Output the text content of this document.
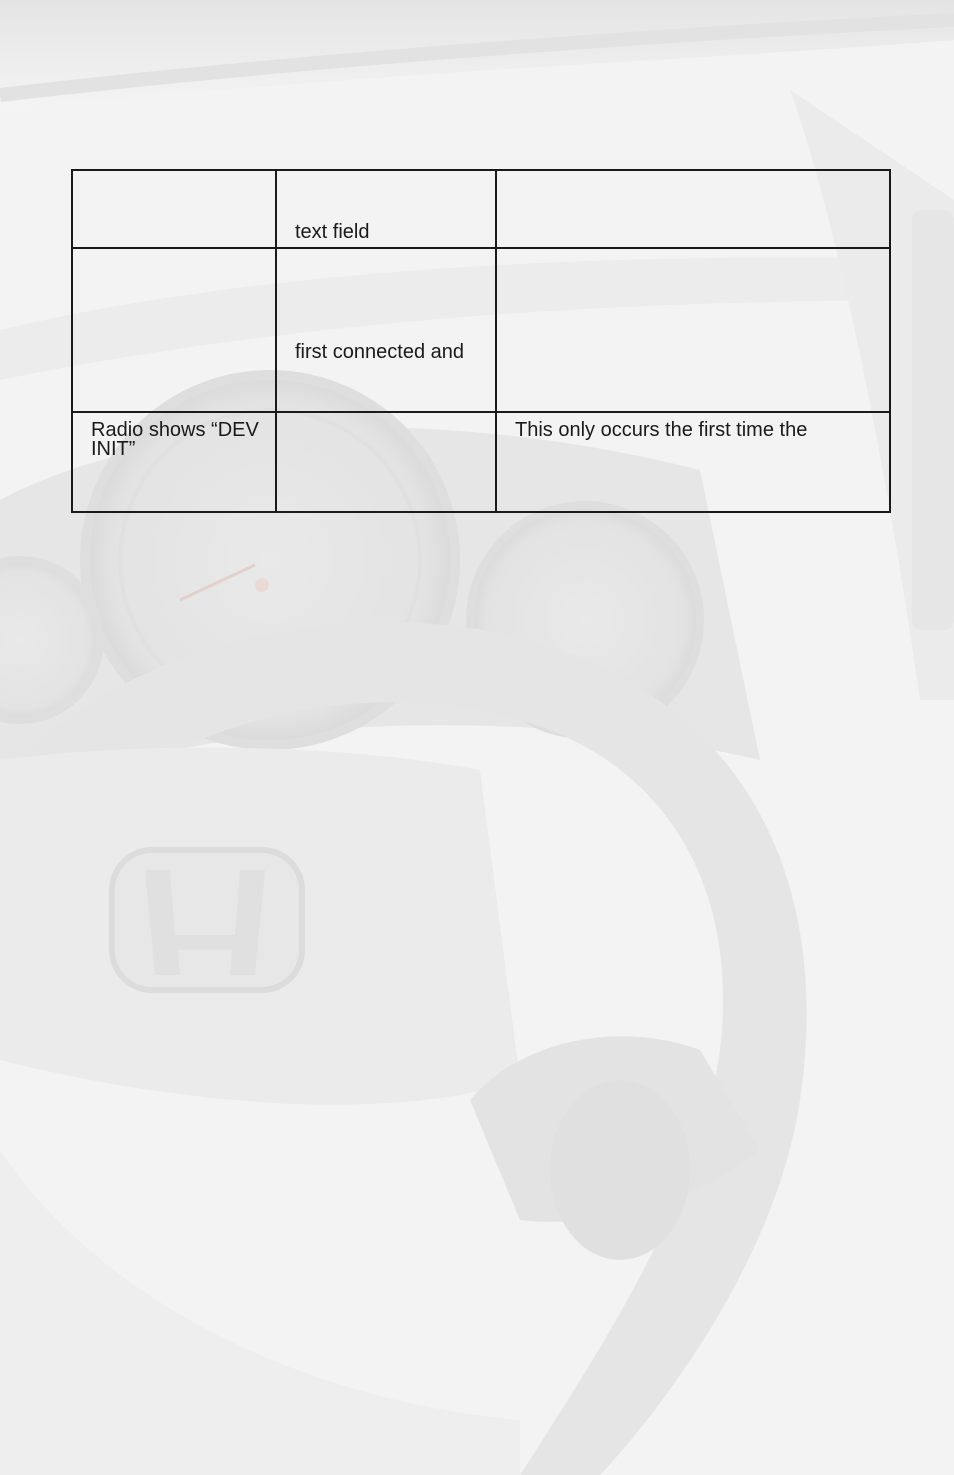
	text field	

	first connected and	

Radio shows “DEV INIT”		This only occurs the first time the
